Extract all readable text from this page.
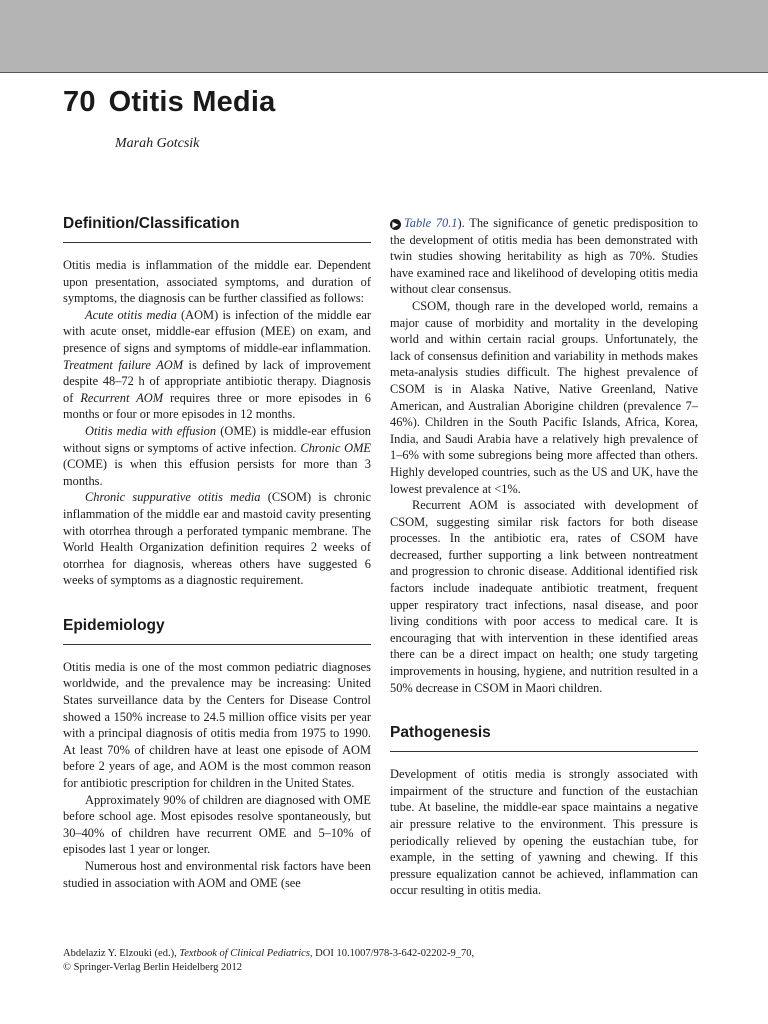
70 Otitis Media
Marah Gotcsik
Definition/Classification

Otitis media is inflammation of the middle ear. Dependent upon presentation, associated symptoms, and duration of symptoms, the diagnosis can be further classified as follows:

Acute otitis media (AOM) is infection of the middle ear with acute onset, middle-ear effusion (MEE) on exam, and presence of signs and symptoms of middle-ear inflammation. Treatment failure AOM is defined by lack of improvement despite 48–72 h of appropriate antibiotic therapy. Diagnosis of Recurrent AOM requires three or more episodes in 6 months or four or more episodes in 12 months.

Otitis media with effusion (OME) is middle-ear effusion without signs or symptoms of active infection. Chronic OME (COME) is when this effusion persists for more than 3 months.

Chronic suppurative otitis media (CSOM) is chronic inflammation of the middle ear and mastoid cavity presenting with otorrhea through a perforated tympanic membrane. The World Health Organization definition requires 2 weeks of otorrhea for diagnosis, whereas others have suggested 6 weeks of symptoms as a diagnostic requirement.

Epidemiology

Otitis media is one of the most common pediatric diagnoses worldwide, and the prevalence may be increasing: United States surveillance data by the Centers for Disease Control showed a 150% increase to 24.5 million office visits per year with a principal diagnosis of otitis media from 1975 to 1990. At least 70% of children have at least one episode of AOM before 2 years of age, and AOM is the most common reason for antibiotic prescription for children in the United States.

Approximately 90% of children are diagnosed with OME before school age. Most episodes resolve spontaneously, but 30–40% of children have recurrent OME and 5–10% of episodes last 1 year or longer.

Numerous host and environmental risk factors have been studied in association with AOM and OME (see

▶ Table 70.1). The significance of genetic predisposition to the development of otitis media has been demonstrated with twin studies showing heritability as high as 70%. Studies have examined race and likelihood of developing otitis media without clear consensus.

CSOM, though rare in the developed world, remains a major cause of morbidity and mortality in the developing world and within certain racial groups. Unfortunately, the lack of consensus definition and variability in methods makes meta-analysis studies difficult. The highest prevalence of CSOM is in Alaska Native, Native Greenland, Native American, and Australian Aborigine children (prevalence 7–46%). Children in the South Pacific Islands, Africa, Korea, India, and Saudi Arabia have a relatively high prevalence of 1–6% with some subregions being more affected than others. Highly developed countries, such as the US and UK, have the lowest prevalence at <1%.

Recurrent AOM is associated with development of CSOM, suggesting similar risk factors for both disease processes. In the antibiotic era, rates of CSOM have decreased, further supporting a link between nontreatment and progression to chronic disease. Additional identified risk factors include inadequate antibiotic treatment, frequent upper respiratory tract infections, nasal disease, and poor living conditions with poor access to medical care. It is encouraging that with intervention in these identified areas there can be a direct impact on health; one study targeting improvements in housing, hygiene, and nutrition resulted in a 50% decrease in CSOM in Maori children.

Pathogenesis

Development of otitis media is strongly associated with impairment of the structure and function of the eustachian tube. At baseline, the middle-ear space maintains a negative air pressure relative to the environment. This pressure is periodically relieved by opening the eustachian tube, for example, in the setting of yawning and chewing. If this pressure equalization cannot be achieved, inflammation can occur resulting in otitis media.

Abdelaziz Y. Elzouki (ed.), Textbook of Clinical Pediatrics, DOI 10.1007/978-3-642-02202-9_70,
© Springer-Verlag Berlin Heidelberg 2012
